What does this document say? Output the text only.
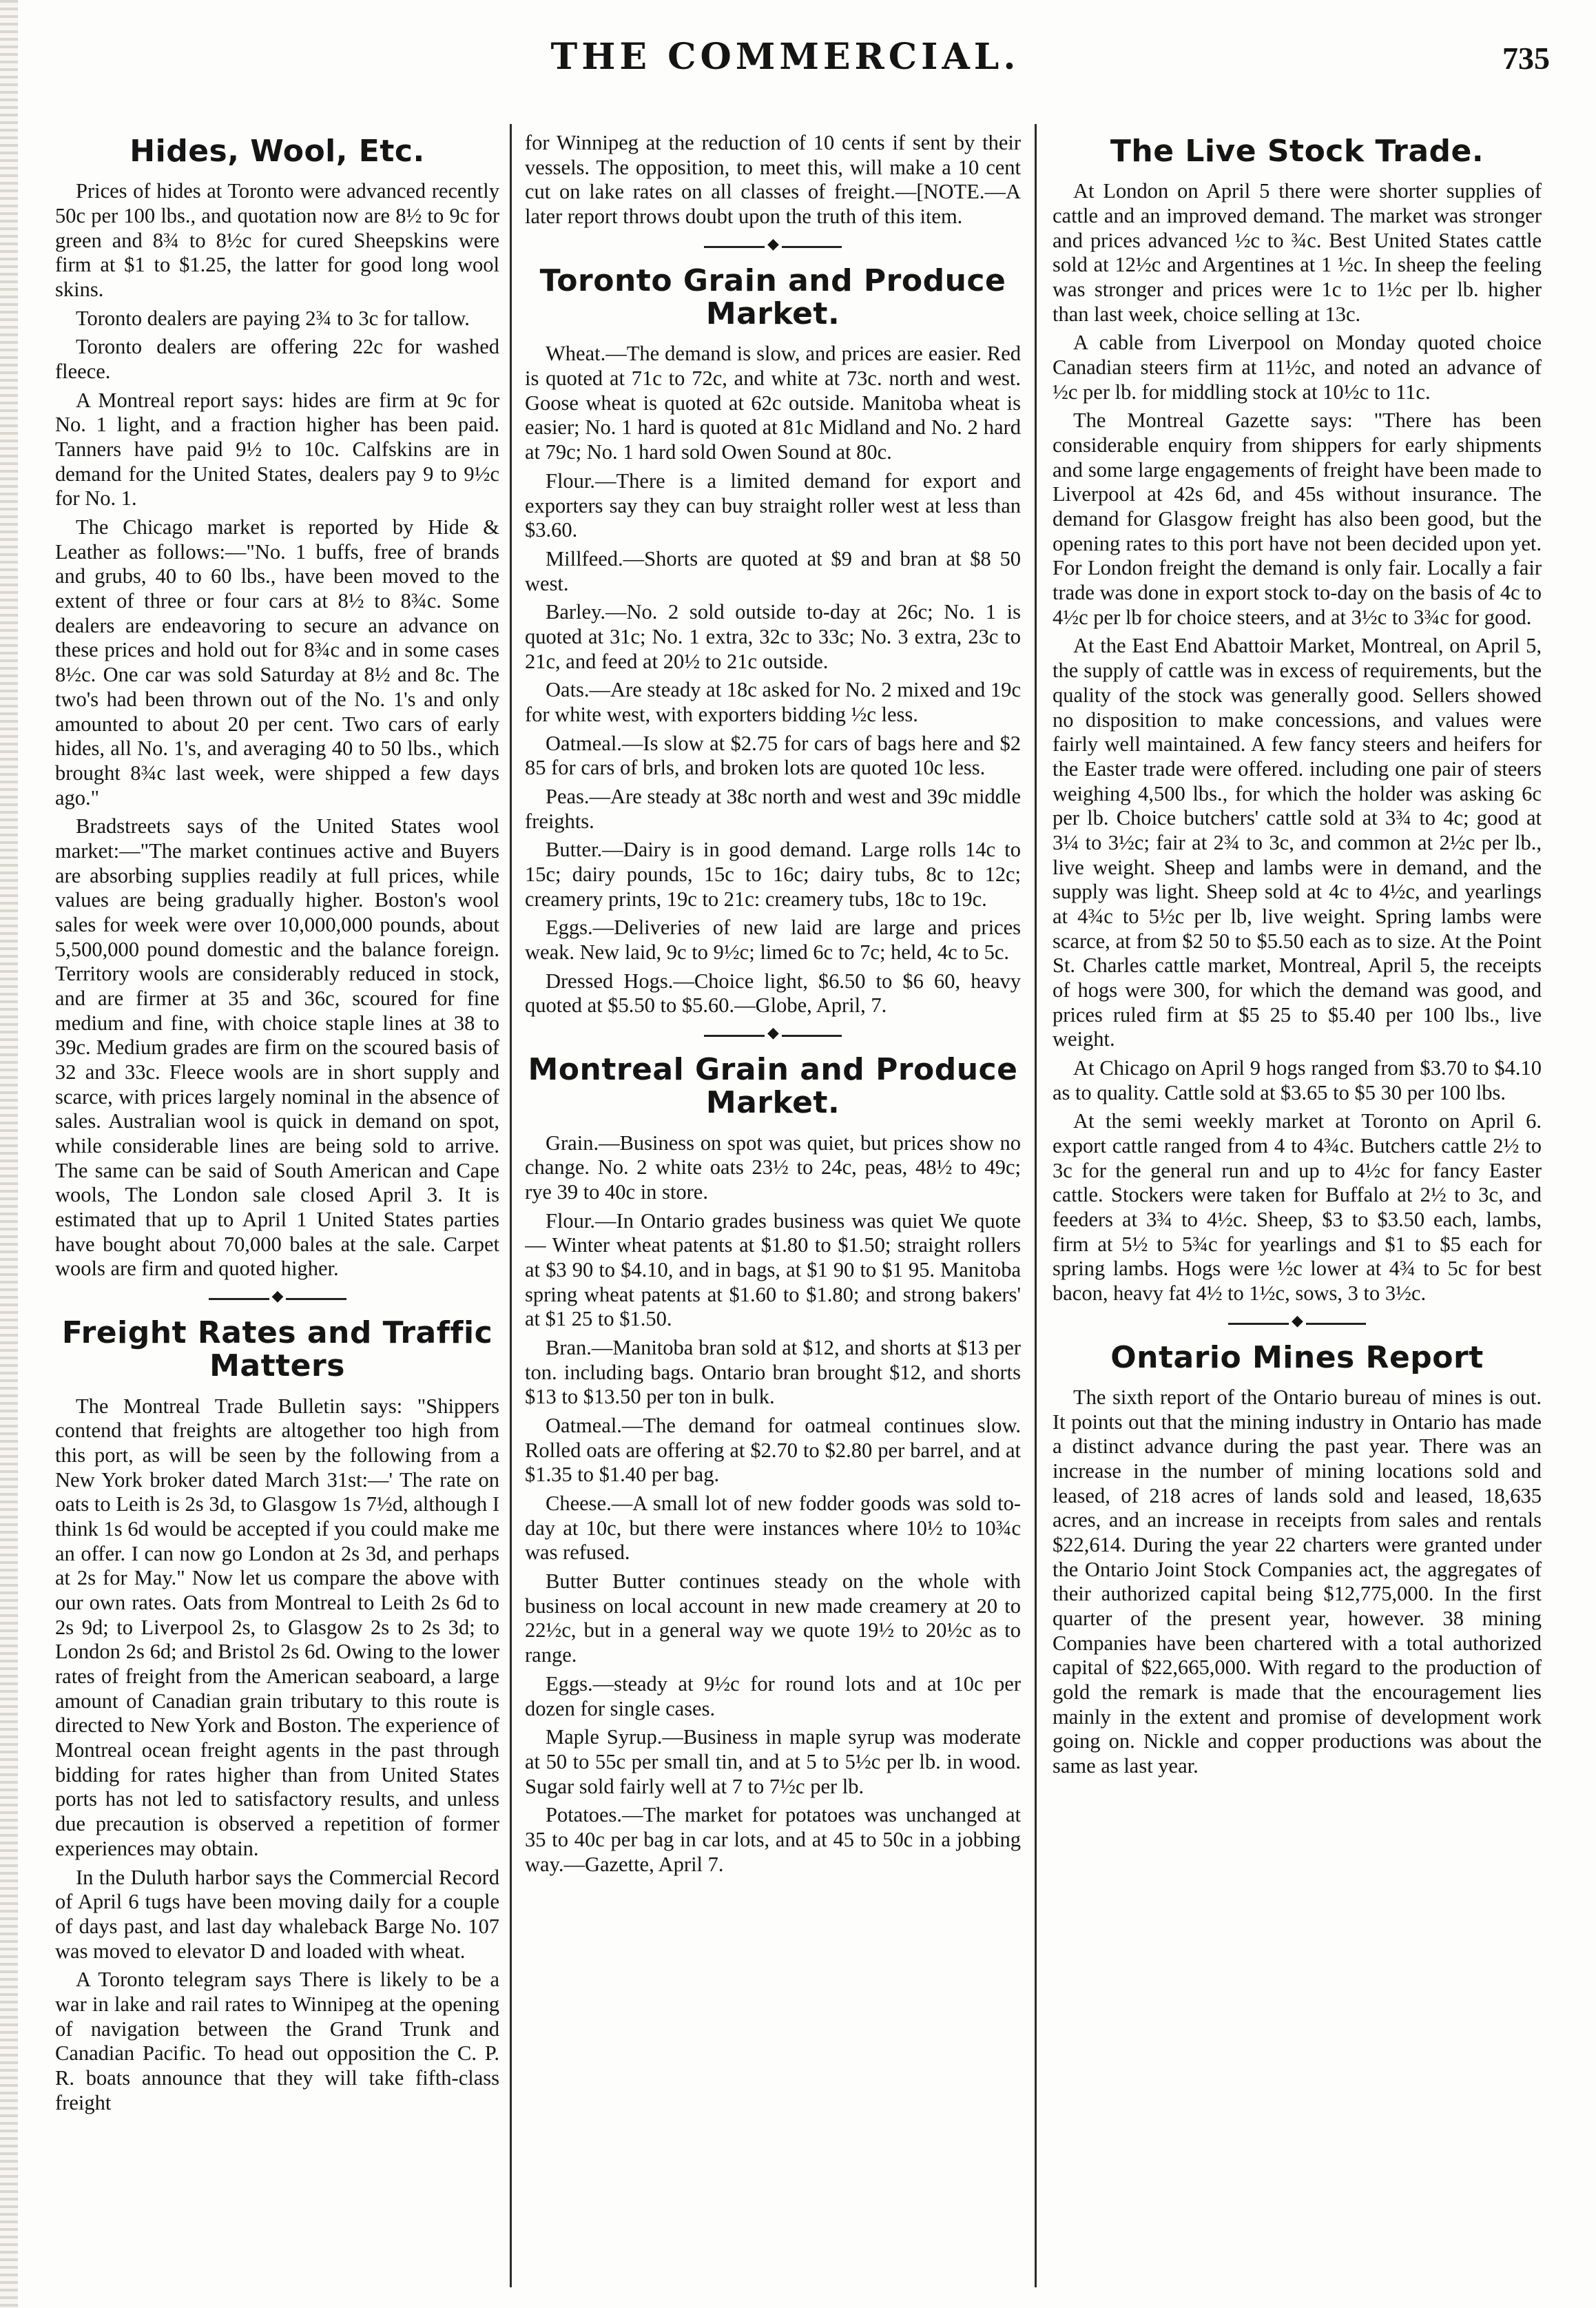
THE COMMERCIAL.	735
Hides, Wool, Etc.

Prices of hides at Toronto were advanced recently 50c per 100 lbs., and quotation now are 8½ to 9c for green and 8¾ to 8½c for cured Sheepskins were firm at $1 to $1.25, the latter for good long wool skins.

Toronto dealers are paying 2¾ to 3c for tallow.

Toronto dealers are offering 22c for washed fleece.

A Montreal report says: hides are firm at 9c for No. 1 light, and a fraction higher has been paid. Tanners have paid 9½ to 10c. Calfskins are in demand for the United States, dealers pay 9 to 9½c for No. 1.

The Chicago market is reported by Hide & Leather as follows:—"No. 1 buffs, free of brands and grubs, 40 to 60 lbs., have been moved to the extent of three or four cars at 8½ to 8¾c. Some dealers are endeavoring to secure an advance on these prices and hold out for 8¾c and in some cases 8½c. One car was sold Saturday at 8½ and 8c. The two's had been thrown out of the No. 1's and only amounted to about 20 per cent. Two cars of early hides, all No. 1's, and averaging 40 to 50 lbs., which brought 8¾c last week, were shipped a few days ago."

Bradstreets says of the United States wool market:—"The market continues active and Buyers are absorbing supplies readily at full prices, while values are being gradually higher. Boston's wool sales for week were over 10,000,000 pounds, about 5,500,000 pound domestic and the balance foreign. Territory wools are considerably reduced in stock, and are firmer at 35 and 36c, scoured for fine medium and fine, with choice staple lines at 38 to 39c. Medium grades are firm on the scoured basis of 32 and 33c. Fleece wools are in short supply and scarce, with prices largely nominal in the absence of sales. Australian wool is quick in demand on spot, while considerable lines are being sold to arrive. The same can be said of South American and Cape wools, The London sale closed April 3. It is estimated that up to April 1 United States parties have bought about 70,000 bales at the sale. Carpet wools are firm and quoted higher.

◆
Freight Rates and Traffic Matters

The Montreal Trade Bulletin says: "Shippers contend that freights are altogether too high from this port, as will be seen by the following from a New York broker dated March 31st:—' The rate on oats to Leith is 2s 3d, to Glasgow 1s 7½d, although I think 1s 6d would be accepted if you could make me an offer. I can now go London at 2s 3d, and perhaps at 2s for May." Now let us compare the above with our own rates. Oats from Montreal to Leith 2s 6d to 2s 9d; to Liverpool 2s, to Glasgow 2s to 2s 3d; to London 2s 6d; and Bristol 2s 6d. Owing to the lower rates of freight from the American seaboard, a large amount of Canadian grain tributary to this route is directed to New York and Boston. The experience of Montreal ocean freight agents in the past through bidding for rates higher than from United States ports has not led to satisfactory results, and unless due precaution is observed a repetition of former experiences may obtain.

In the Duluth harbor says the Commercial Record of April 6 tugs have been moving daily for a couple of days past, and last day whaleback Barge No. 107 was moved to elevator D and loaded with wheat.

A Toronto telegram says There is likely to be a war in lake and rail rates to Winnipeg at the opening of navigation between the Grand Trunk and Canadian Pacific. To head out opposition the C. P. R. boats announce that they will take fifth-class freight

for Winnipeg at the reduction of 10 cents if sent by their vessels. The opposition, to meet this, will make a 10 cent cut on lake rates on all classes of freight.—[NOTE.—A later report throws doubt upon the truth of this item.

◆
Toronto Grain and Produce Market.

Wheat.—The demand is slow, and prices are easier. Red is quoted at 71c to 72c, and white at 73c. north and west. Goose wheat is quoted at 62c outside. Manitoba wheat is easier; No. 1 hard is quoted at 81c Midland and No. 2 hard at 79c; No. 1 hard sold Owen Sound at 80c.

Flour.—There is a limited demand for export and exporters say they can buy straight roller west at less than $3.60.

Millfeed.—Shorts are quoted at $9 and bran at $8 50 west.

Barley.—No. 2 sold outside to-day at 26c; No. 1 is quoted at 31c; No. 1 extra, 32c to 33c; No. 3 extra, 23c to 21c, and feed at 20½ to 21c outside.

Oats.—Are steady at 18c asked for No. 2 mixed and 19c for white west, with exporters bidding ½c less.

Oatmeal.—Is slow at $2.75 for cars of bags here and $2 85 for cars of brls, and broken lots are quoted 10c less.

Peas.—Are steady at 38c north and west and 39c middle freights.

Butter.—Dairy is in good demand. Large rolls 14c to 15c; dairy pounds, 15c to 16c; dairy tubs, 8c to 12c; creamery prints, 19c to 21c: creamery tubs, 18c to 19c.

Eggs.—Deliveries of new laid are large and prices weak. New laid, 9c to 9½c; limed 6c to 7c; held, 4c to 5c.

Dressed Hogs.—Choice light, $6.50 to $6 60, heavy quoted at $5.50 to $5.60.—Globe, April, 7.

◆
Montreal Grain and Produce Market.

Grain.—Business on spot was quiet, but prices show no change. No. 2 white oats 23½ to 24c, peas, 48½ to 49c; rye 39 to 40c in store.

Flour.—In Ontario grades business was quiet We quote — Winter wheat patents at $1.80 to $1.50; straight rollers at $3 90 to $4.10, and in bags, at $1 90 to $1 95. Manitoba spring wheat patents at $1.60 to $1.80; and strong bakers' at $1 25 to $1.50.

Bran.—Manitoba bran sold at $12, and shorts at $13 per ton. including bags. Ontario bran brought $12, and shorts $13 to $13.50 per ton in bulk.

Oatmeal.—The demand for oatmeal continues slow. Rolled oats are offering at $2.70 to $2.80 per barrel, and at $1.35 to $1.40 per bag.

Cheese.—A small lot of new fodder goods was sold to-day at 10c, but there were instances where 10½ to 10¾c was refused.

Butter Butter continues steady on the whole with business on local account in new made creamery at 20 to 22½c, but in a general way we quote 19½ to 20½c as to range.

Eggs.—steady at 9½c for round lots and at 10c per dozen for single cases.

Maple Syrup.—Business in maple syrup was moderate at 50 to 55c per small tin, and at 5 to 5½c per lb. in wood. Sugar sold fairly well at 7 to 7½c per lb.

Potatoes.—The market for potatoes was unchanged at 35 to 40c per bag in car lots, and at 45 to 50c in a jobbing way.—Gazette, April 7.

The Live Stock Trade.

At London on April 5 there were shorter supplies of cattle and an improved demand. The market was stronger and prices advanced ½c to ¾c. Best United States cattle sold at 12½c and Argentines at 1 ½c. In sheep the feeling was stronger and prices were 1c to 1½c per lb. higher than last week, choice selling at 13c.

A cable from Liverpool on Monday quoted choice Canadian steers firm at 11½c, and noted an advance of ½c per lb. for middling stock at 10½c to 11c.

The Montreal Gazette says: "There has been considerable enquiry from shippers for early shipments and some large engagements of freight have been made to Liverpool at 42s 6d, and 45s without insurance. The demand for Glasgow freight has also been good, but the opening rates to this port have not been decided upon yet. For London freight the demand is only fair. Locally a fair trade was done in export stock to-day on the basis of 4c to 4½c per lb for choice steers, and at 3½c to 3¾c for good.

At the East End Abattoir Market, Montreal, on April 5, the supply of cattle was in excess of requirements, but the quality of the stock was generally good. Sellers showed no disposition to make concessions, and values were fairly well maintained. A few fancy steers and heifers for the Easter trade were offered. including one pair of steers weighing 4,500 lbs., for which the holder was asking 6c per lb. Choice butchers' cattle sold at 3¾ to 4c; good at 3¼ to 3½c; fair at 2¾ to 3c, and common at 2½c per lb., live weight. Sheep and lambs were in demand, and the supply was light. Sheep sold at 4c to 4½c, and yearlings at 4¾c to 5½c per lb, live weight. Spring lambs were scarce, at from $2 50 to $5.50 each as to size. At the Point St. Charles cattle market, Montreal, April 5, the receipts of hogs were 300, for which the demand was good, and prices ruled firm at $5 25 to $5.40 per 100 lbs., live weight.

At Chicago on April 9 hogs ranged from $3.70 to $4.10 as to quality. Cattle sold at $3.65 to $5 30 per 100 lbs.

At the semi weekly market at Toronto on April 6. export cattle ranged from 4 to 4¾c. Butchers cattle 2½ to 3c for the general run and up to 4½c for fancy Easter cattle. Stockers were taken for Buffalo at 2½ to 3c, and feeders at 3¾ to 4½c. Sheep, $3 to $3.50 each, lambs, firm at 5½ to 5¾c for yearlings and $1 to $5 each for spring lambs. Hogs were ½c lower at 4¾ to 5c for best bacon, heavy fat 4½ to 1½c, sows, 3 to 3½c.

◆
Ontario Mines Report

The sixth report of the Ontario bureau of mines is out. It points out that the mining industry in Ontario has made a distinct advance during the past year. There was an increase in the number of mining locations sold and leased, of 218 acres of lands sold and leased, 18,635 acres, and an increase in receipts from sales and rentals $22,614. During the year 22 charters were granted under the Ontario Joint Stock Companies act, the aggregates of their authorized capital being $12,775,000. In the first quarter of the present year, however. 38 mining Companies have been chartered with a total authorized capital of $22,665,000. With regard to the production of gold the remark is made that the encouragement lies mainly in the extent and promise of development work going on. Nickle and copper productions was about the same as last year.
